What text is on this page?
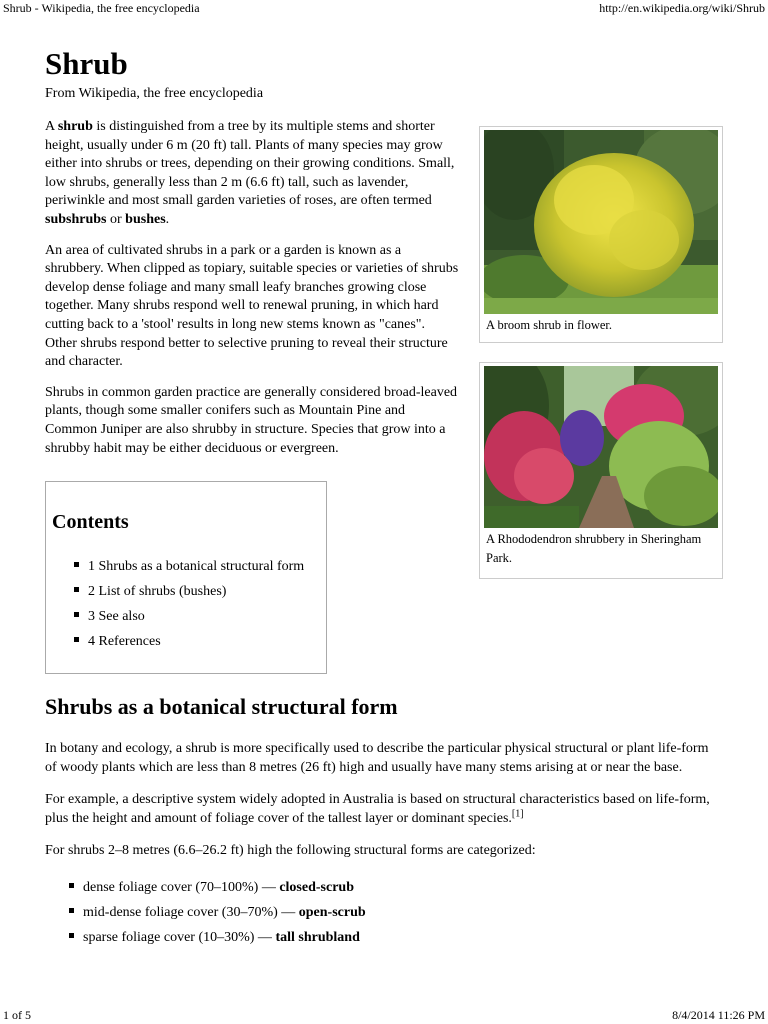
Shrub - Wikipedia, the free encyclopedia	http://en.wikipedia.org/wiki/Shrub
Shrub
From Wikipedia, the free encyclopedia

A shrub is distinguished from a tree by its multiple stems and shorter height, usually under 6 m (20 ft) tall. Plants of many species may grow either into shrubs or trees, depending on their growing conditions. Small, low shrubs, generally less than 2 m (6.6 ft) tall, such as lavender, periwinkle and most small garden varieties of roses, are often termed subshrubs or bushes.

An area of cultivated shrubs in a park or a garden is known as a shrubbery. When clipped as topiary, suitable species or varieties of shrubs develop dense foliage and many small leafy branches growing close together. Many shrubs respond well to renewal pruning, in which hard cutting back to a 'stool' results in long new stems known as "canes". Other shrubs respond better to selective pruning to reveal their structure and character.

Shrubs in common garden practice are generally considered broad-leaved plants, though some smaller conifers such as Mountain Pine and Common Juniper are also shrubby in structure. Species that grow into a shrubby habit may be either deciduous or evergreen.

A broom shrub in flower.
A Rhododendron shrubbery in Sheringham Park.
Contents
1 Shrubs as a botanical structural form
2 List of shrubs (bushes)
3 See also
4 References
Shrubs as a botanical structural form

In botany and ecology, a shrub is more specifically used to describe the particular physical structural or plant life-form of woody plants which are less than 8 metres (26 ft) high and usually have many stems arising at or near the base.

For example, a descriptive system widely adopted in Australia is based on structural characteristics based on life-form, plus the height and amount of foliage cover of the tallest layer or dominant species.[1]

For shrubs 2–8 metres (6.6–26.2 ft) high the following structural forms are categorized:

dense foliage cover (70–100%) — closed-scrub
mid-dense foliage cover (30–70%) — open-scrub
sparse foliage cover (10–30%) — tall shrubland
1 of 5	8/4/2014 11:26 PM
